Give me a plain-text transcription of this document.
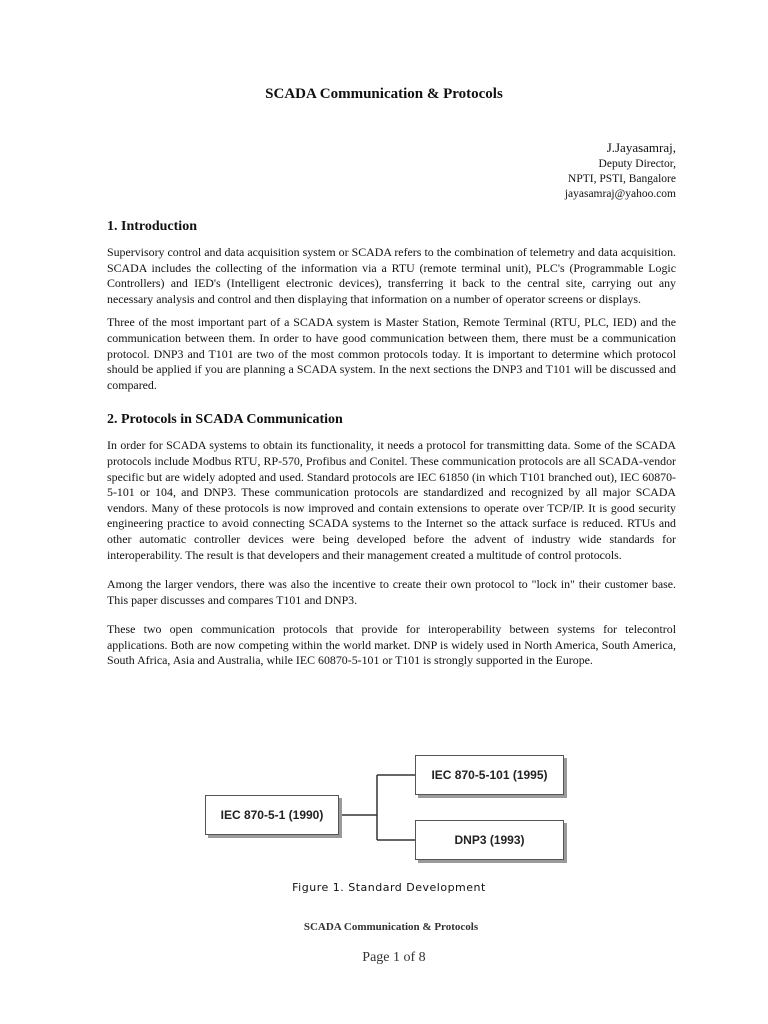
SCADA Communication & Protocols
J.Jayasamraj,
Deputy Director,
NPTI, PSTI, Bangalore
jayasamraj@yahoo.com
1. Introduction

Supervisory control and data acquisition system or SCADA refers to the combination of telemetry and data acquisition. SCADA includes the collecting of the information via a RTU (remote terminal unit), PLC's (Programmable Logic Controllers) and IED's (Intelligent electronic devices), transferring it back to the central site, carrying out any necessary analysis and control and then displaying that information on a number of operator screens or displays.

Three of the most important part of a SCADA system is Master Station, Remote Terminal (RTU, PLC, IED) and the communication between them. In order to have good communication between them, there must be a communication protocol. DNP3 and T101 are two of the most common protocols today. It is important to determine which protocol should be applied if you are planning a SCADA system. In the next sections the DNP3 and T101 will be discussed and compared.

2. Protocols in SCADA Communication

In order for SCADA systems to obtain its functionality, it needs a protocol for transmitting data. Some of the SCADA protocols include Modbus RTU, RP-570, Profibus and Conitel. These communication protocols are all SCADA-vendor specific but are widely adopted and used. Standard protocols are IEC 61850 (in which T101 branched out), IEC 60870-5-101 or 104, and DNP3. These communication protocols are standardized and recognized by all major SCADA vendors. Many of these protocols is now improved and contain extensions to operate over TCP/IP. It is good security engineering practice to avoid connecting SCADA systems to the Internet so the attack surface is reduced. RTUs and other automatic controller devices were being developed before the advent of industry wide standards for interoperability. The result is that developers and their management created a multitude of control protocols.

Among the larger vendors, there was also the incentive to create their own protocol to "lock in" their customer base. This paper discusses and compares T101 and DNP3.

These two open communication protocols that provide for interoperability between systems for telecontrol applications. Both are now competing within the world market. DNP is widely used in North America, South America, South Africa, Asia and Australia, while IEC 60870-5-101 or T101 is strongly supported in the Europe.

IEC 870-5-1 (1990)
IEC 870-5-101 (1995)
DNP3 (1993)
Figure 1. Standard Development
SCADA Communication & Protocols
Page 1 of 8
